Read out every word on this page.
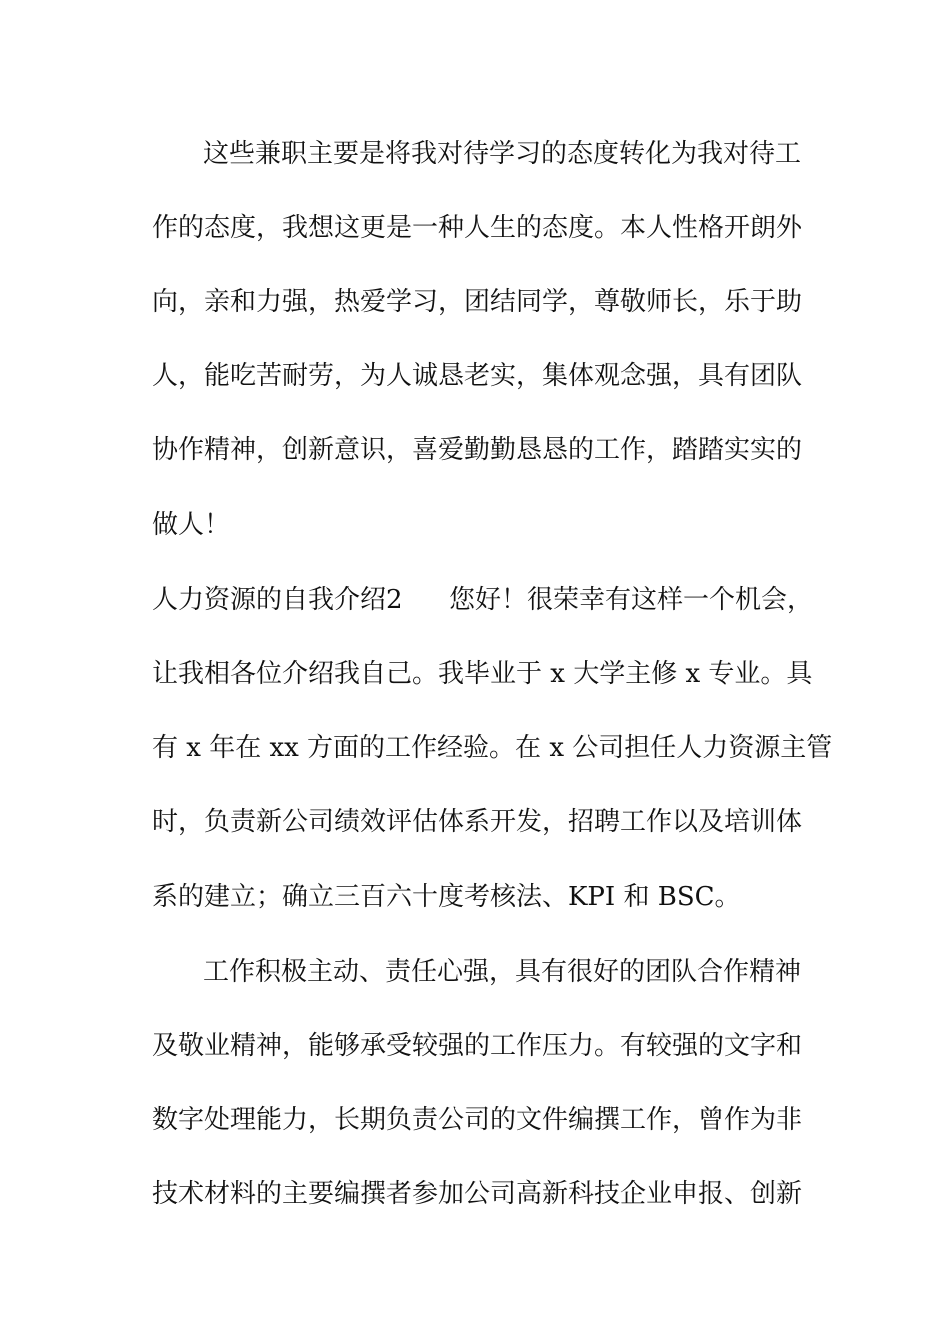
这些兼职主要是将我对待学习的态度转化为我对待工
作的态度，我想这更是一种人生的态度。本人性格开朗外
向，亲和力强，热爱学习，团结同学，尊敬师长，乐于助
人，能吃苦耐劳，为人诚恳老实，集体观念强，具有团队
协作精神，创新意识，喜爱勤勤恳恳的工作，踏踏实实的
做人！
人力资源的自我介绍2 您好！很荣幸有这样一个机会，
让我相各位介绍我自己。我毕业于 x 大学主修 x 专业。具
有 x 年在 xx 方面的工作经验。在 x 公司担任人力资源主管
时，负责新公司绩效评估体系开发，招聘工作以及培训体
系的建立；确立三百六十度考核法、KPI 和 BSC。
工作积极主动、责任心强，具有很好的团队合作精神
及敬业精神，能够承受较强的工作压力。有较强的文字和
数字处理能力，长期负责公司的文件编撰工作，曾作为非
技术材料的主要编撰者参加公司高新科技企业申报、创新
